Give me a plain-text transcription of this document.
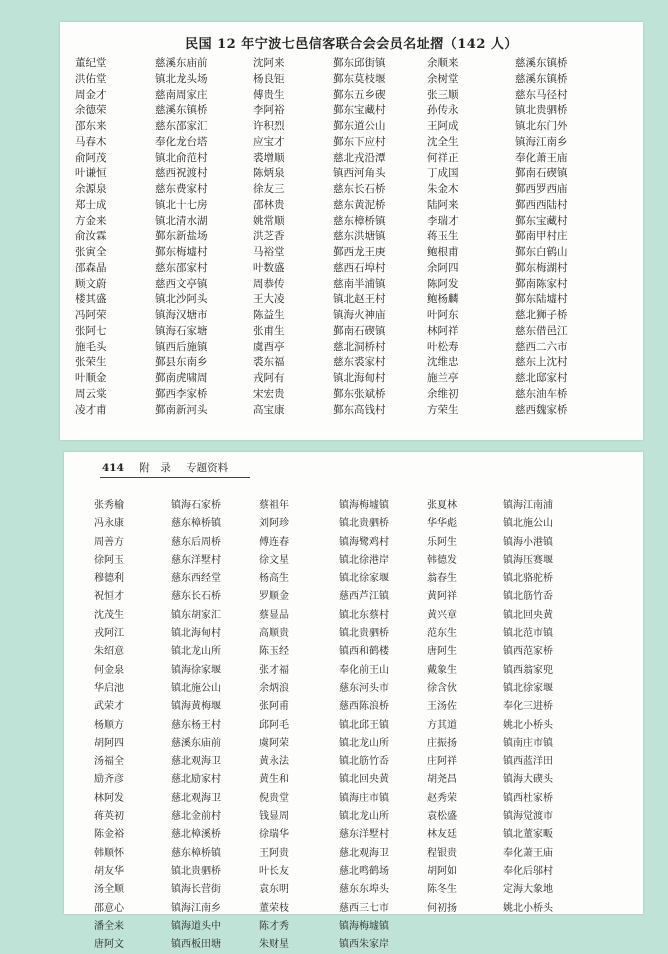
民国 12 年宁波七邑信客联合会会员名址摺（142 人）
董纪堂	慈溪东庙前	沈阿来	鄞东邱街镇	余顺来	慈溪东镇桥
洪佑堂	镇北龙头场	杨良钜	鄞东莫枝堰	余树堂	慈溪东镇桥
周金才	慈南周家庄	傅贵生	鄞东五乡碶	张三顺	慈东马径村
余德荣	慈溪东镇桥	李阿裕	鄞东宝藏村	孙传永	镇北贵驷桥
邵东来	慈东邵家汇	许积烈	鄞东道公山	王阿成	镇北东门外
马春木	奉化龙台塔	应宝才	鄞东下应村	沈全生	镇海江南乡
俞阿茂	镇北俞范村	裘增顺	慈北戎沿潭	何祥正	奉化萧王庙
叶谦恒	慈西祝渡村	陈炳泉	镇西河角头	丁成国	鄞南石碶镇
余源泉	慈东费家村	徐友三	慈东长石桥	朱金木	鄞西罗西庙
郑士成	镇北十七房	邵林贵	慈东黄泥桥	陆阿来	鄞西西陆村
方金来	镇北清水湖	姚常顺	慈东樟桥镇	李瑞才	鄞东宝藏村
俞汝霖	鄞东新盐场	洪芝香	慈东洪塘镇	蒋玉生	鄞南甲村庄
张寅全	鄞东梅墟村	马裕堂	鄞西龙王庚	鲍根甫	鄞东白鹤山
邵森晶	慈东邵家村	叶数盛	慈西石埠村	余阿四	鄞东梅湖村
顾文蔚	慈西文亭镇	周恭传	慈南半浦镇	陈阿发	鄞南陈家村
楼其盛	镇北沙阿头	王大凌	镇北赵王村	鲍杨麟	鄞东陆墟村
冯阿荣	镇海汉塘市	陈益生	镇海火神庙	叶阿东	慈北狮子桥
张阿七	镇海石家塘	张甫生	鄞南石碶镇	林阿祥	慈东借邑江
施毛头	镇西后施镇	虞酉亭	慈北洞桥村	叶松寿	慈西二六市
张荣生	鄞县东南乡	裘东福	慈东裘家村	沈维忠	慈东上沈村
叶顺金	鄞南虎啸周	戎阿有	镇北海甸村	施兰亭	慈北邸家村
周云棠	鄞西李家桥	宋宏贵	鄞东张斌桥	余维初	慈东油车桥
凌才甫	鄞南新河头	高宝康	鄞东高钱村	方荣生	慈西魏家桥
414 附　录 专题资料
张秀榆	镇海石家桥	蔡祖年	镇海梅墟镇	张夏林	镇海江南浦
冯永康	慈东樟桥镇	刘阿珍	镇北贵驷桥	华华彪	镇北施公山
周善方	慈东后周桥	傅连春	镇海鹭鸡村	乐阿生	镇海小港镇
徐阿玉	慈东洋墅村	徐文星	镇北徐港岸	韩德发	镇海压赛堰
穆德利	慈东西经堂	杨高生	镇北徐家堰	翁春生	镇北骆驼桥
祝恒才	慈东长石桥	罗顺金	慈西芦江镇	黄阿祥	镇北筋竹岙
沈茂生	镇东胡家汇	蔡显品	镇北东蔡村	黄兴章	镇北回央黄
戎阿江	镇北海甸村	高顺贵	镇北贵驷桥	范东生	镇北范市镇
朱绍意	镇北龙山所	陈玉经	镇西和鹤楼	唐阿生	镇西范家桥
何金泉	镇海徐家堰	张才福	奉化前王山	戴象生	镇西翁家兜
华启池	镇北施公山	余炳浪	慈东河头市	徐含伙	镇北徐家堰
武荣才	镇海黄梅堰	张阿甫	慈西陈浪桥	王汤佐	奉化三进桥
杨顺方	慈东杨王村	邱阿毛	镇北邱王镇	方其道	姚北小桥头
胡阿四	慈溪东庙前	虞阿荣	镇北龙山所	庄振扬	镇南庄市镇
汤福全	慈北观海卫	黄永法	镇北筋竹岙	庄阿祥	镇西蓝洋田
励齐彦	慈北励家村	黄生和	镇北回央黄	胡尧昌	镇海大碶头
林阿发	慈北观海卫	倪贵堂	镇海庄市镇	赵秀荣	镇西杜家桥
蒋英初	慈北金前村	钱显周	镇北龙山所	袁松盛	镇海觉渡市
陈金裕	慈北樟溪桥	徐瑞华	慈东洋墅村	林友廷	镇北董家畈
韩顺怀	慈东樟桥镇	王阿贵	慈北观海卫	程银贵	奉化萧王庙
胡友华	镇北贵驷桥	叶长友	慈北鸣鹤场	胡阿如	奉化后邬村
汤全顺	镇海长营街	袁东明	慈东东埠头	陈冬生	定海大象地
邵意心	镇海江南乡	董荣枝	慈西三七市	何初扬	姚北小桥头
潘全来	镇海道头中	陈才秀	镇海梅墟镇
唐阿文	镇西板田塘	朱财星	镇西朱家岸
